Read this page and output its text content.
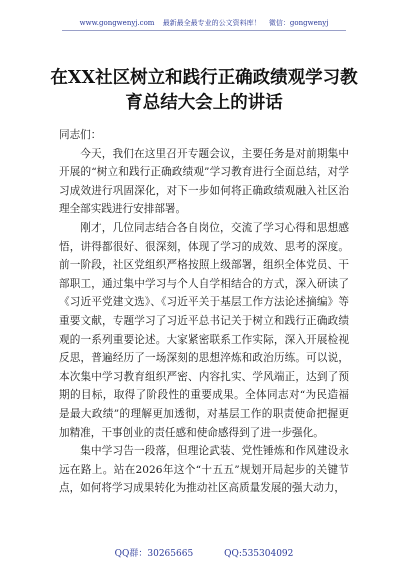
www.gongwenyj.com 最新最全最专业的公文资料库！ 微信：gongwenyj
在XX社区树立和践行正确政绩观学习教
育总结大会上的讲话

同志们：

今天，我们在这里召开专题会议，主要任务是对前期集中开展的“树立和践行正确政绩观”学习教育进行全面总结，对学习成效进行巩固深化，对下一步如何将正确政绩观融入社区治理全部实践进行安排部署。

刚才，几位同志结合各自岗位，交流了学习心得和思想感悟，讲得都很好、很深刻，体现了学习的成效、思考的深度。前一阶段，社区党组织严格按照上级部署，组织全体党员、干部职工，通过集中学习与个人自学相结合的方式，深入研读了《习近平党建文选》、《习近平关于基层工作方法论述摘编》等重要文献，专题学习了习近平总书记关于树立和践行正确政绩观的一系列重要论述。大家紧密联系工作实际，深入开展检视反思，普遍经历了一场深刻的思想淬炼和政治历练。可以说，本次集中学习教育组织严密、内容扎实、学风端正，达到了预期的目标，取得了阶段性的重要成果。全体同志对“为民造福是最大政绩”的理解更加透彻，对基层工作的职责使命把握更加精准，干事创业的责任感和使命感得到了进一步强化。

集中学习告一段落，但理论武装、党性锤炼和作风建设永远在路上。站在2026年这个“十五五”规划开局起步的关键节点，如何将学习成果转化为推动社区高质量发展的强大动力，

QQ群：30265665	QQ:535304092
